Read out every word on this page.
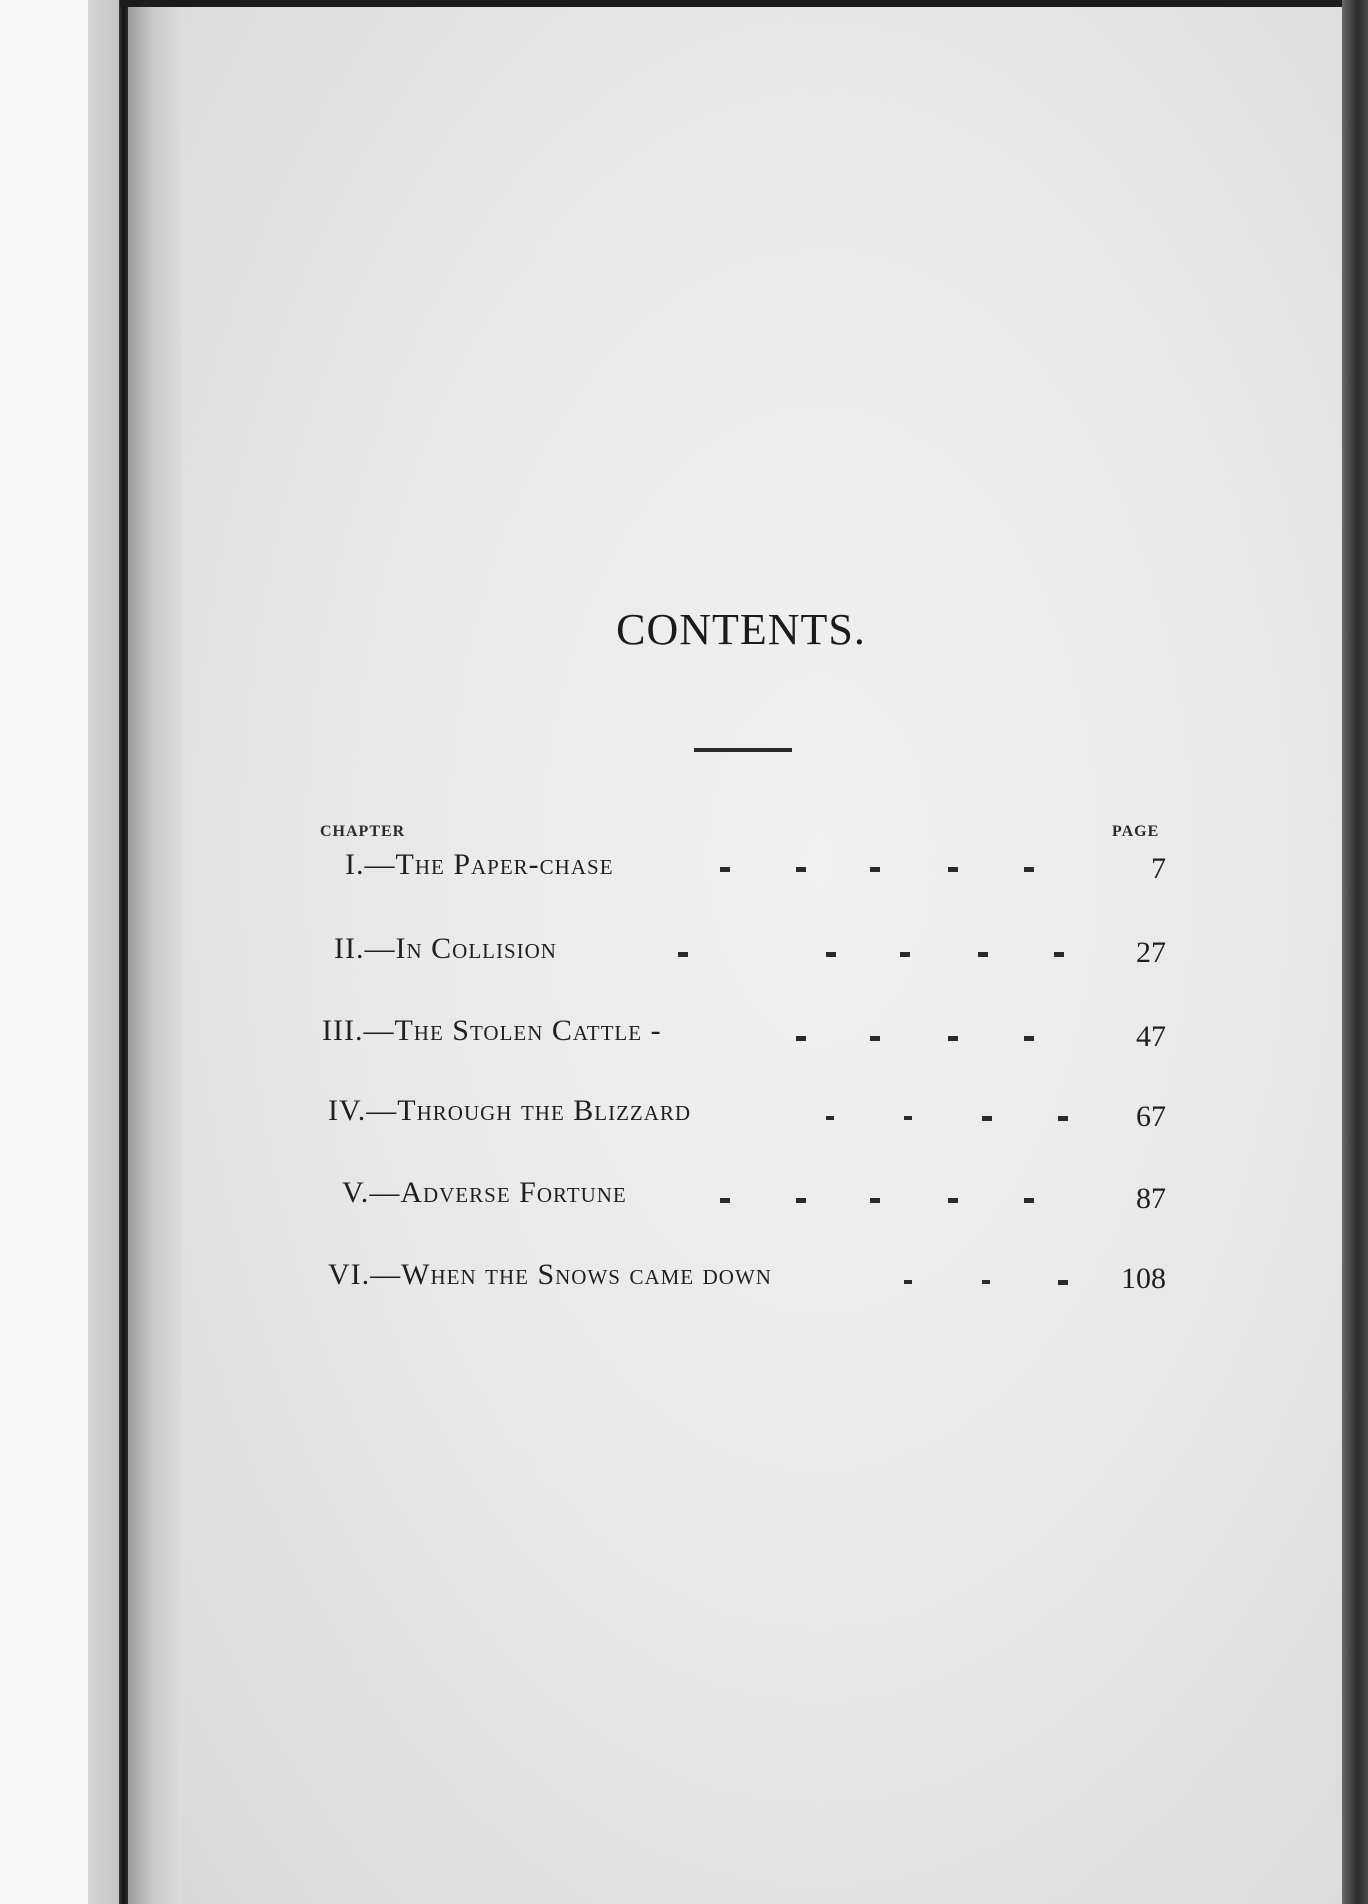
CONTENTS.
CHAPTER	PAGE
I.—The Paper-chase	7
II.—In Collision	27
III.—The Stolen Cattle -	47
IV.—Through the Blizzard	67
V.—Adverse Fortune	87
VI.—When the Snows came down	108
